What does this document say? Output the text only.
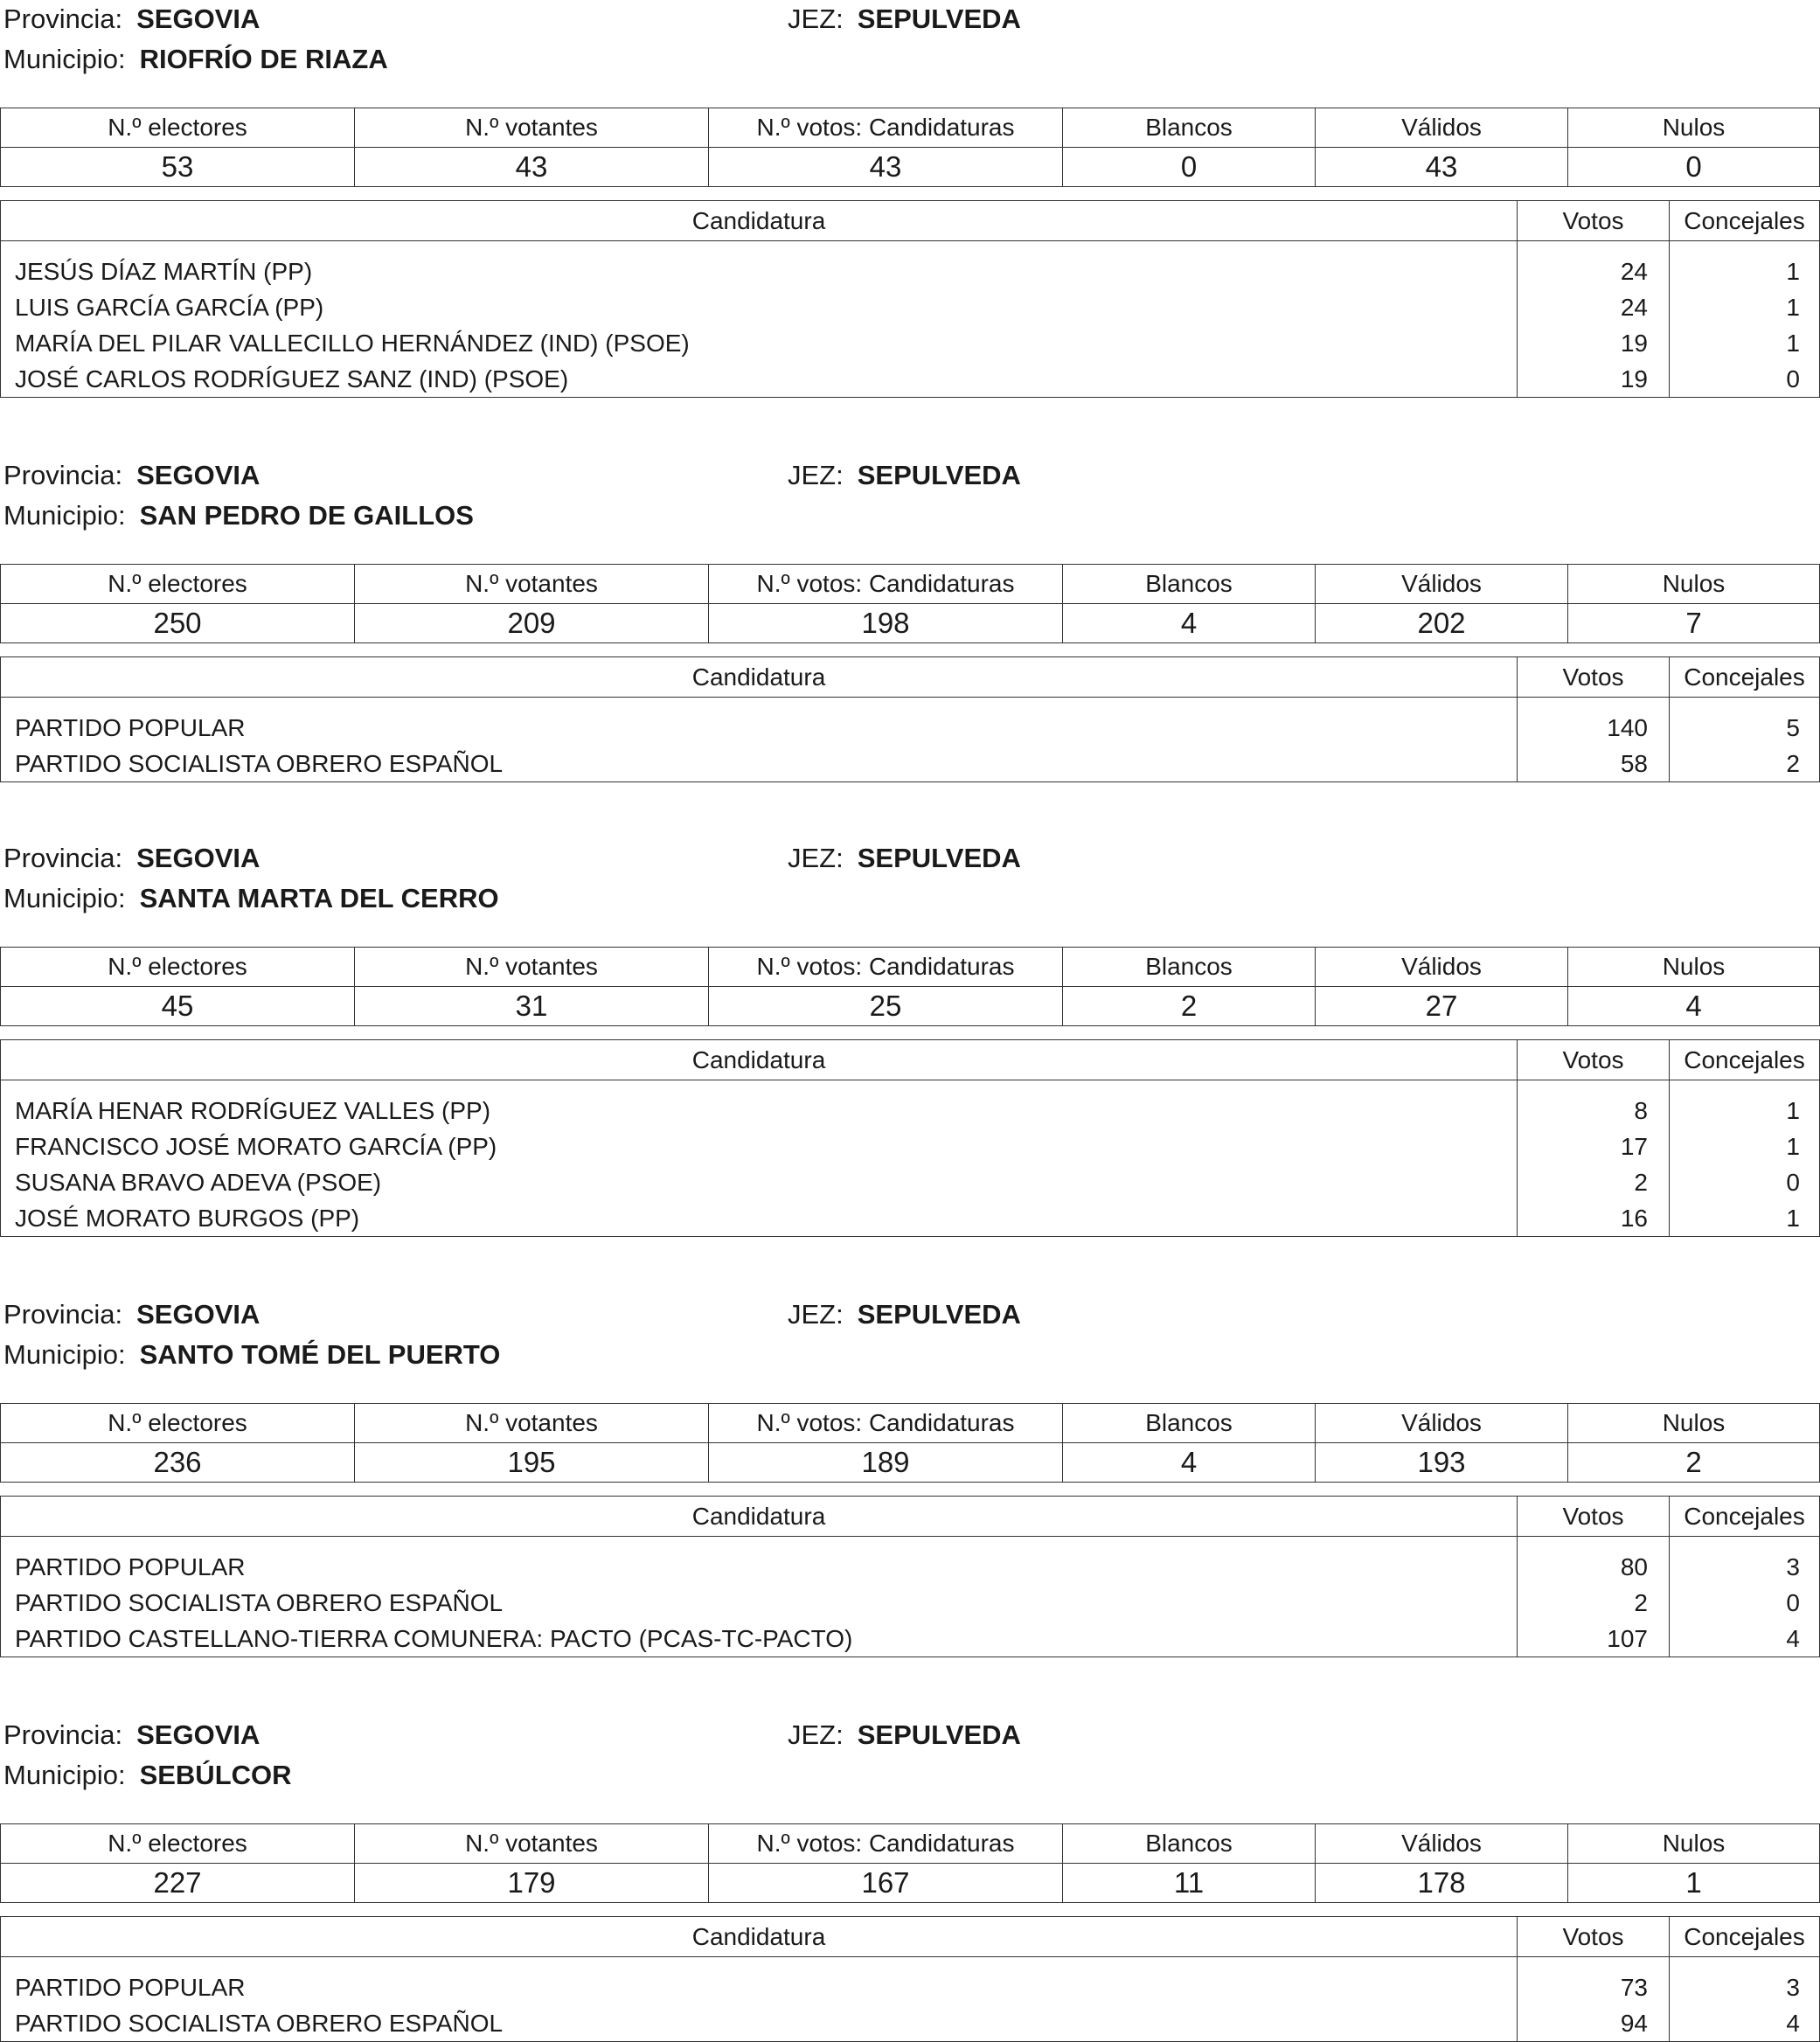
Provincia: SEGOVIA	JEZ: SEPULVEDA
Municipio: RIOFRÍO DE RIAZA
N.º electores	N.º votantes	N.º votos: Candidaturas	Blancos	Válidos	Nulos
53	43	43	0	43	0
Candidatura	Votos	Concejales
JESÚS DÍAZ MARTÍN (PP)	24	1
LUIS GARCÍA GARCÍA (PP)	24	1
MARÍA DEL PILAR VALLECILLO HERNÁNDEZ (IND) (PSOE)	19	1
JOSÉ CARLOS RODRÍGUEZ SANZ (IND) (PSOE)	19	0
Provincia: SEGOVIA	JEZ: SEPULVEDA
Municipio: SAN PEDRO DE GAILLOS
N.º electores	N.º votantes	N.º votos: Candidaturas	Blancos	Válidos	Nulos
250	209	198	4	202	7
Candidatura	Votos	Concejales
PARTIDO POPULAR	140	5
PARTIDO SOCIALISTA OBRERO ESPAÑOL	58	2
Provincia: SEGOVIA	JEZ: SEPULVEDA
Municipio: SANTA MARTA DEL CERRO
N.º electores	N.º votantes	N.º votos: Candidaturas	Blancos	Válidos	Nulos
45	31	25	2	27	4
Candidatura	Votos	Concejales
MARÍA HENAR RODRÍGUEZ VALLES (PP)	8	1
FRANCISCO JOSÉ MORATO GARCÍA (PP)	17	1
SUSANA BRAVO ADEVA (PSOE)	2	0
JOSÉ MORATO BURGOS (PP)	16	1
Provincia: SEGOVIA	JEZ: SEPULVEDA
Municipio: SANTO TOMÉ DEL PUERTO
N.º electores	N.º votantes	N.º votos: Candidaturas	Blancos	Válidos	Nulos
236	195	189	4	193	2
Candidatura	Votos	Concejales
PARTIDO POPULAR	80	3
PARTIDO SOCIALISTA OBRERO ESPAÑOL	2	0
PARTIDO CASTELLANO-TIERRA COMUNERA: PACTO (PCAS-TC-PACTO)	107	4
Provincia: SEGOVIA	JEZ: SEPULVEDA
Municipio: SEBÚLCOR
N.º electores	N.º votantes	N.º votos: Candidaturas	Blancos	Válidos	Nulos
227	179	167	11	178	1
Candidatura	Votos	Concejales
PARTIDO POPULAR	73	3
PARTIDO SOCIALISTA OBRERO ESPAÑOL	94	4
